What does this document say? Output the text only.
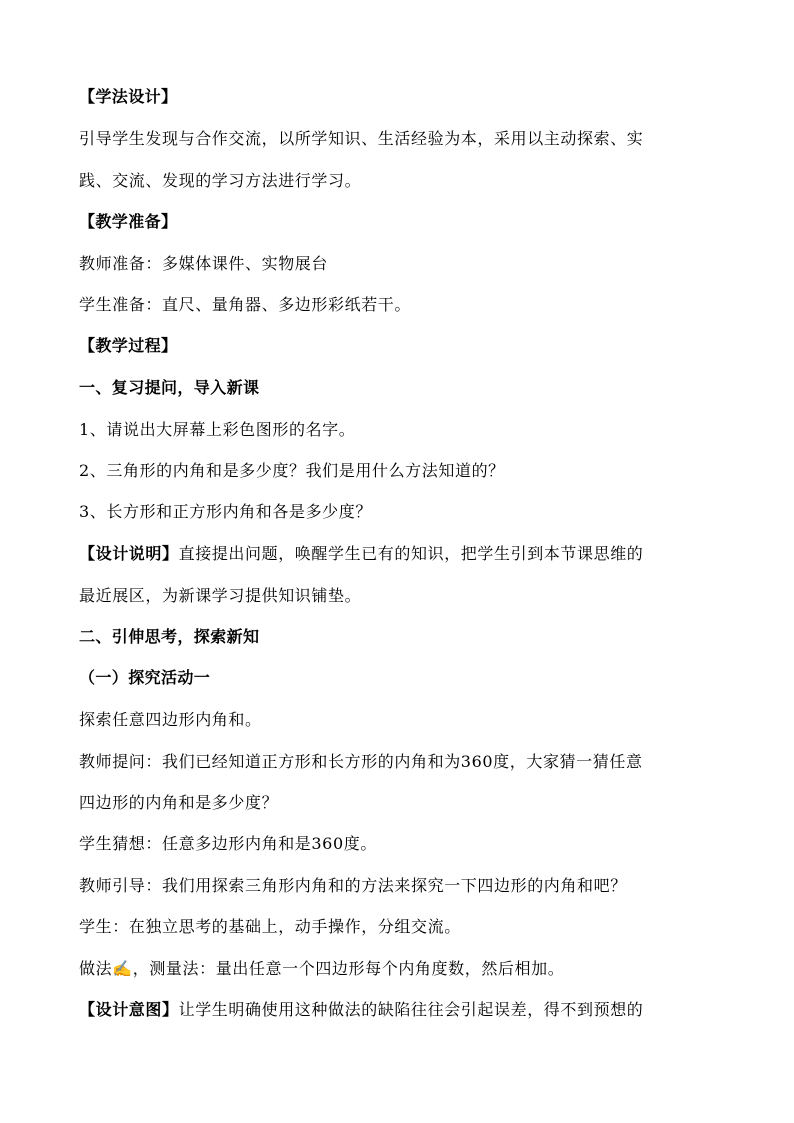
【学法设计】
引导学生发现与合作交流，以所学知识、生活经验为本，采用以主动探索、实
践、交流、发现的学习方法进行学习。
【教学准备】
教师准备：多媒体课件、实物展台
学生准备：直尺、量角器、多边形彩纸若干。
【教学过程】
一、复习提问，导入新课
1、请说出大屏幕上彩色图形的名字。
2、三角形的内角和是多少度？我们是用什么方法知道的？
3、长方形和正方形内角和各是多少度？
【设计说明】直接提出问题，唤醒学生已有的知识，把学生引到本节课思维的
最近展区，为新课学习提供知识铺垫。
二、引伸思考，探索新知
（一）探究活动一
探索任意四边形内角和。
教师提问：我们已经知道正方形和长方形的内角和为360度，大家猜一猜任意
四边形的内角和是多少度？
学生猜想：任意多边形内角和是360度。
教师引导：我们用探索三角形内角和的方法来探究一下四边形的内角和吧？
学生：在独立思考的基础上，动手操作，分组交流。
做法✍，测量法：量出任意一个四边形每个内角度数，然后相加。
【设计意图】让学生明确使用这种做法的缺陷往往会引起误差，得不到预想的
